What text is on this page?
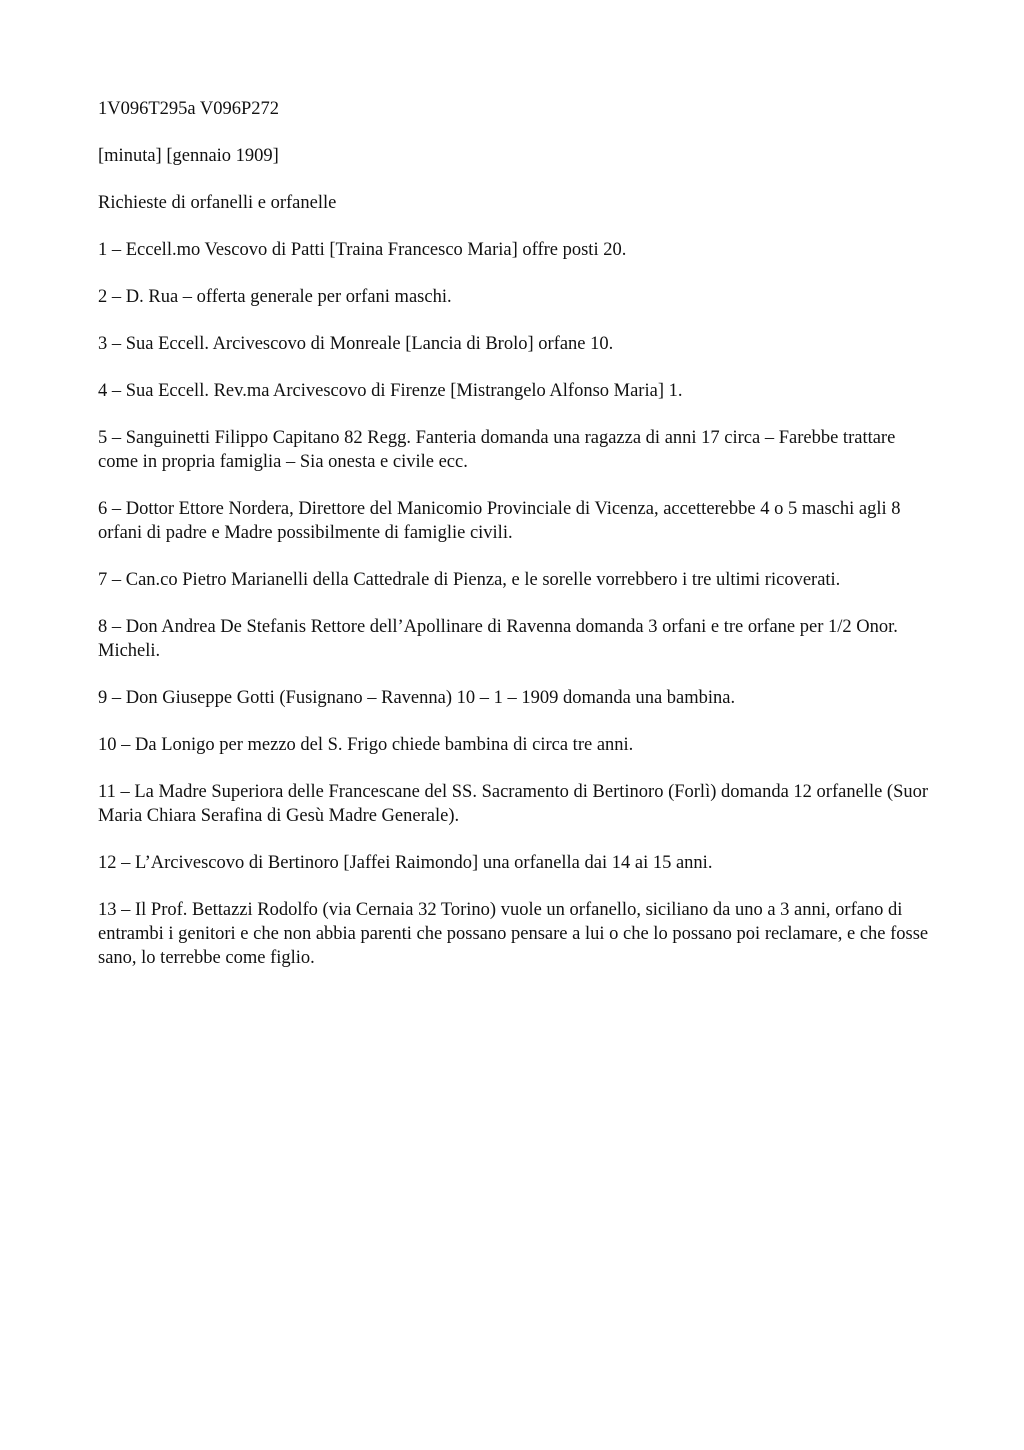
1V096T295a V096P272

[minuta] [gennaio 1909]

Richieste di orfanelli e orfanelle

1 – Eccell.mo Vescovo di Patti [Traina Francesco Maria] offre posti 20.

2 – D. Rua – offerta generale per orfani maschi.

3 – Sua Eccell. Arcivescovo di Monreale [Lancia di Brolo] orfane 10.

4 – Sua Eccell. Rev.ma Arcivescovo di Firenze [Mistrangelo Alfonso Maria] 1.

5 – Sanguinetti Filippo Capitano 82 Regg. Fanteria domanda una ragazza di anni 17 circa – Farebbe trattare come in propria famiglia – Sia onesta e civile ecc.

6 – Dottor Ettore Nordera, Direttore del Manicomio Provinciale di Vicenza, accetterebbe 4 o 5 maschi agli 8 orfani di padre e Madre possibilmente di famiglie civili.

7 – Can.co Pietro Marianelli della Cattedrale di Pienza, e le sorelle vorrebbero i tre ultimi ricoverati.

8 – Don Andrea De Stefanis Rettore dell’Apollinare di Ravenna domanda 3 orfani e tre orfane per 1/2 Onor. Micheli.

9 – Don Giuseppe Gotti (Fusignano – Ravenna) 10 – 1 – 1909 domanda una bambina.

10 – Da Lonigo per mezzo del S. Frigo chiede bambina di circa tre anni.

11 – La Madre Superiora delle Francescane del SS. Sacramento di Bertinoro (Forlì) domanda 12 orfanelle (Suor Maria Chiara Serafina di Gesù Madre Generale).

12 – L’Arcivescovo di Bertinoro [Jaffei Raimondo] una orfanella dai 14 ai 15 anni.

13 – Il Prof. Bettazzi Rodolfo (via Cernaia 32 Torino) vuole un orfanello, siciliano da uno a 3 anni, orfano di entrambi i genitori e che non abbia parenti che possano pensare a lui o che lo possano poi reclamare, e che fosse sano, lo terrebbe come figlio.
